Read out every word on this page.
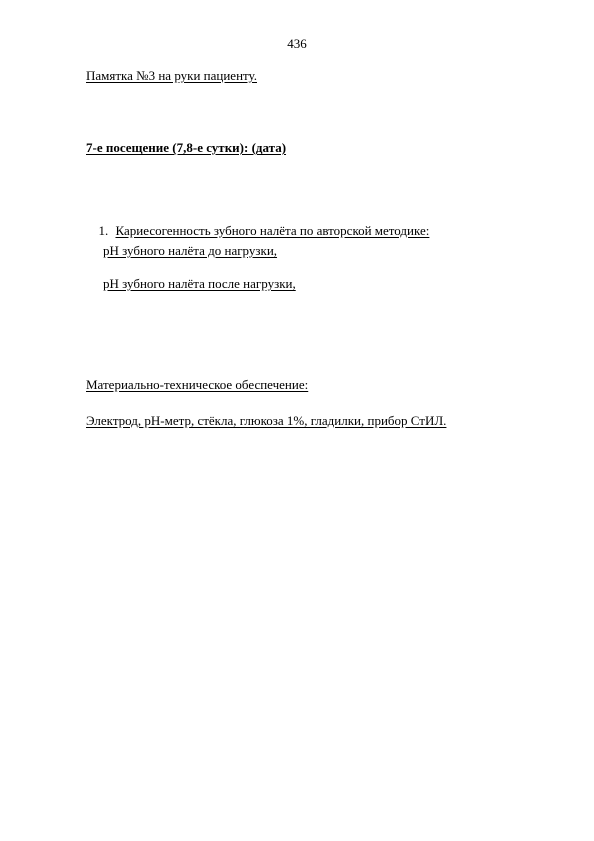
436
Памятка №3 на руки пациенту.
7-е посещение (7,8-е сутки): (дата)

1. Кариесогенность зубного налёта по авторской методике:

pH зубного налёта до нагрузки,
pH зубного налёта после нагрузки,
Материально-техническое обеспечение:
Электрод, рН-метр, стёкла, глюкоза 1%, гладилки, прибор СтИЛ.
